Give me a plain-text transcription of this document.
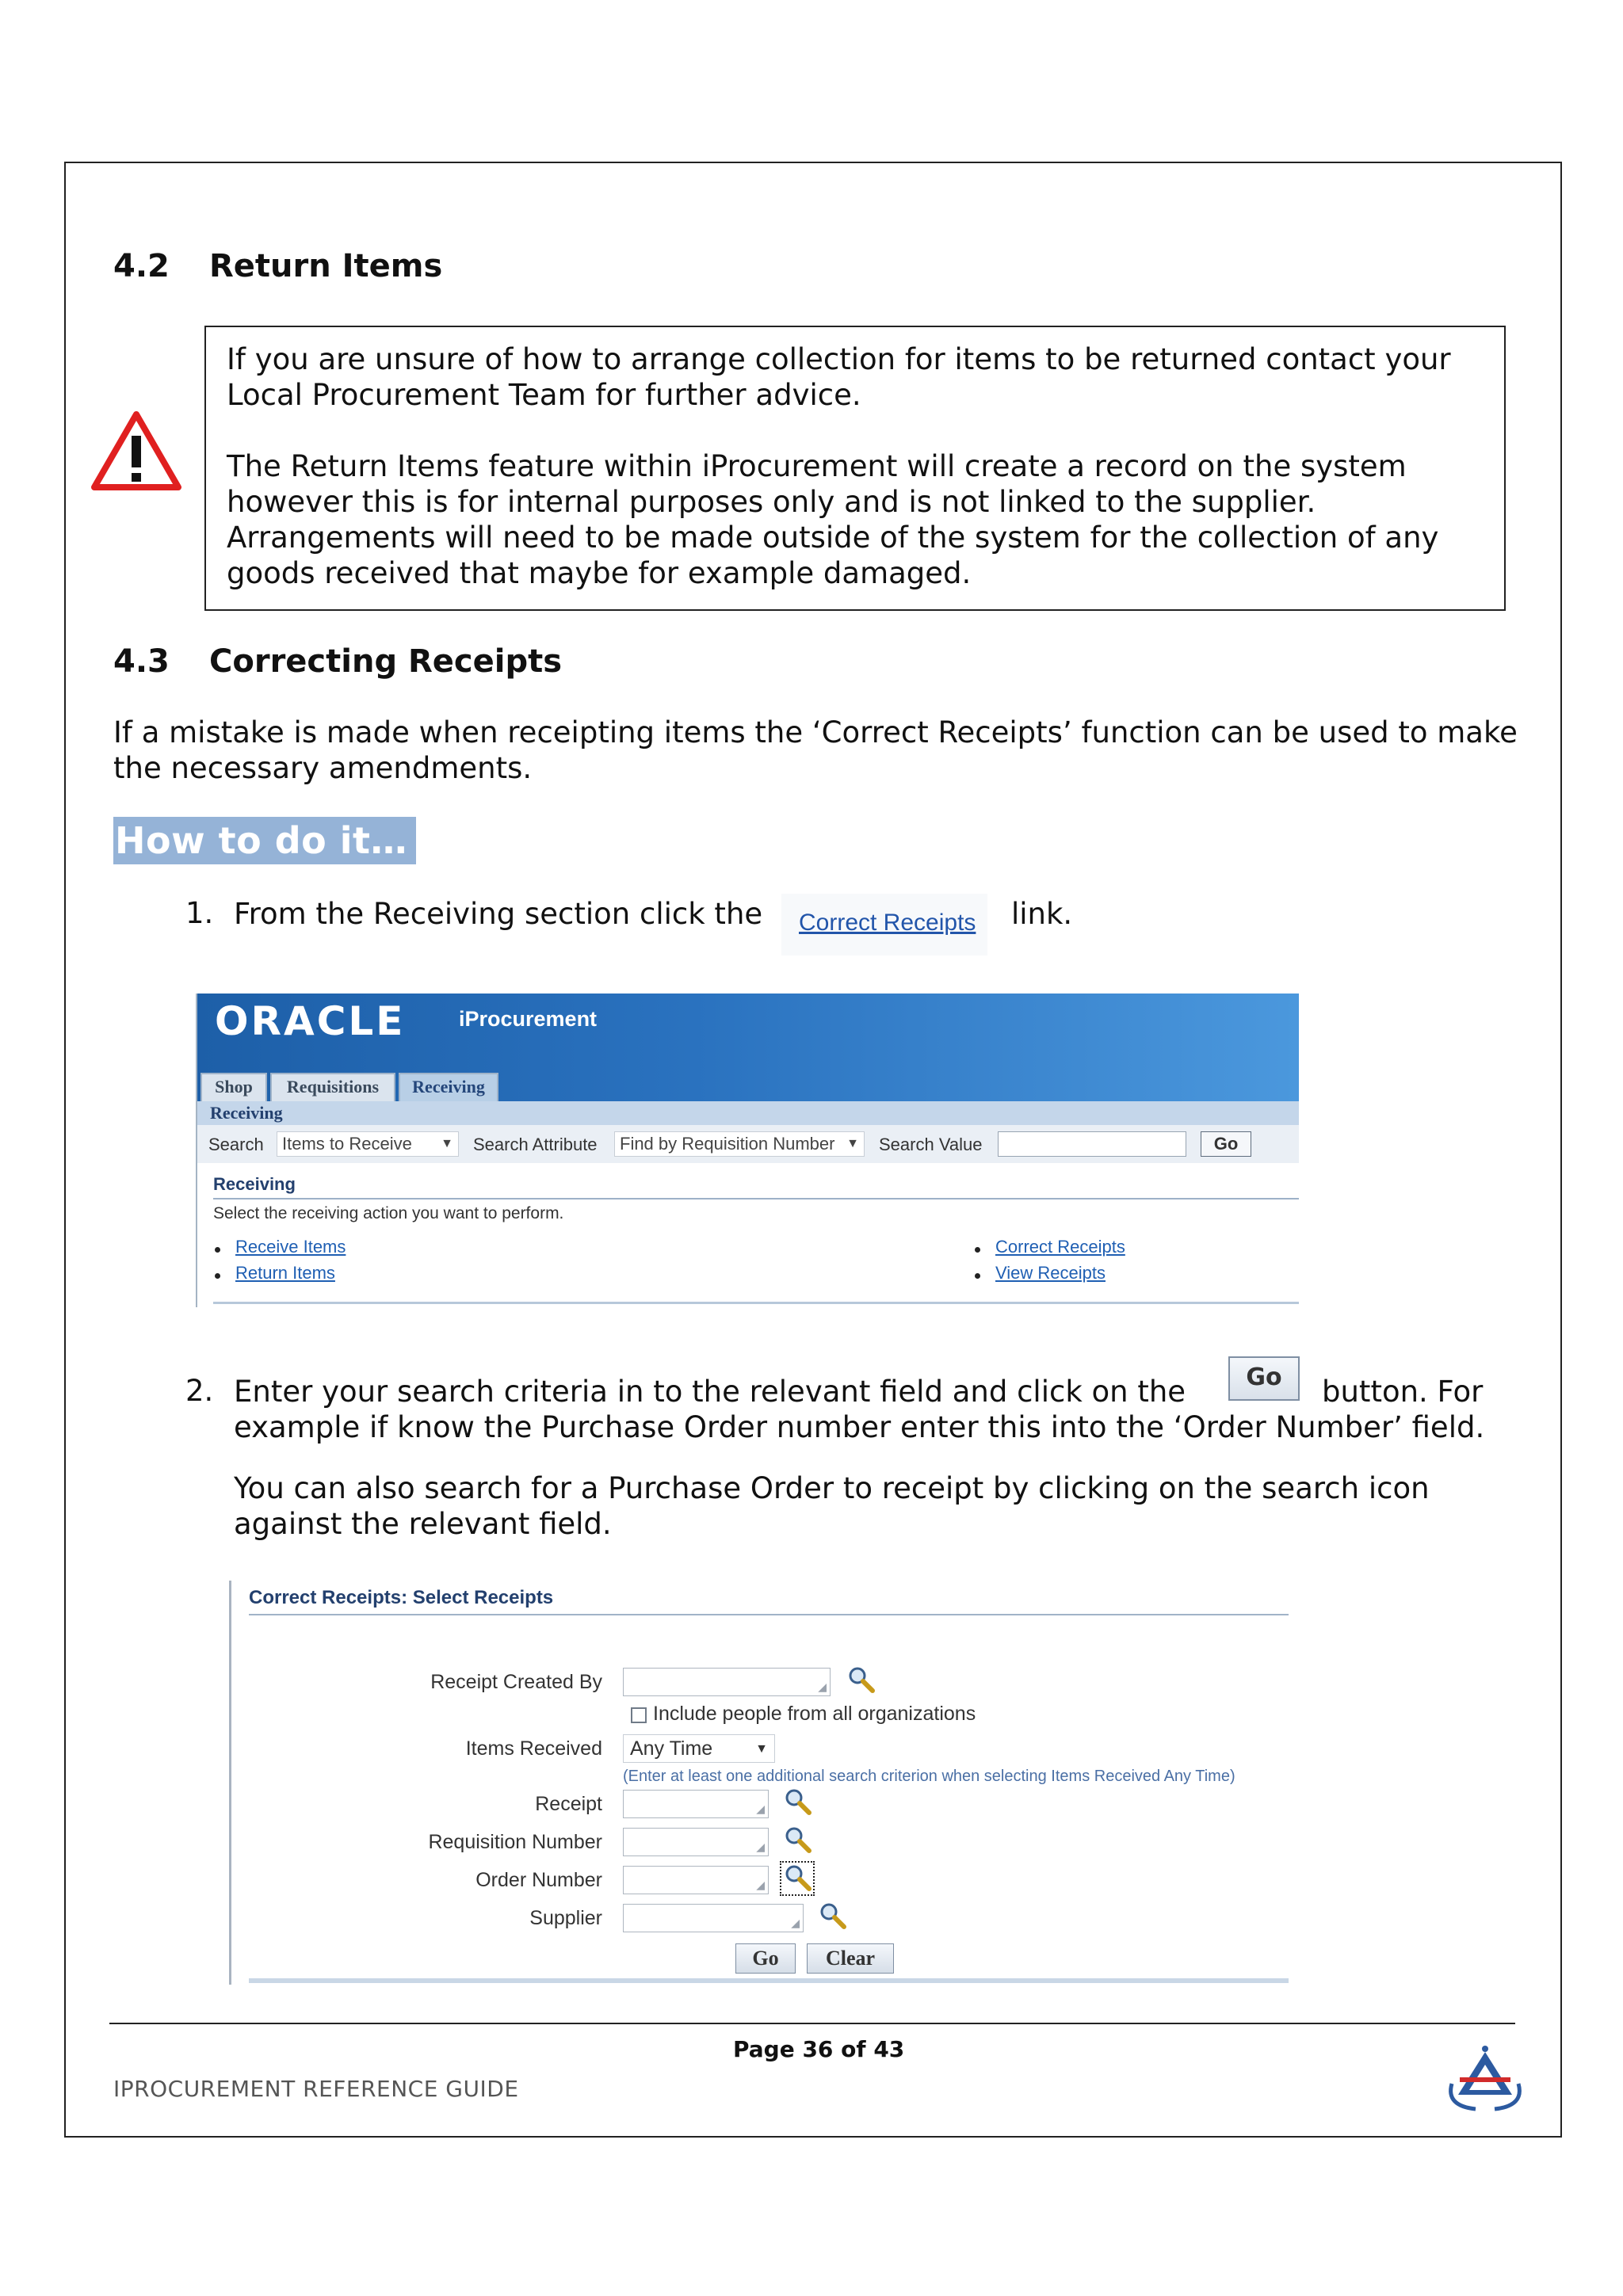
4.2 Return Items

If you are unsure of how to arrange collection for items to be returned contact your Local Procurement Team for further advice.

The Return Items feature within iProcurement will create a record on the system however this is for internal purposes only and is not linked to the supplier. Arrangements will need to be made outside of the system for the collection of any goods received that maybe for example damaged.

4.3 Correcting Receipts
If a mistake is made when receipting items the ‘Correct Receipts’ function can be used to make the necessary amendments.
How to do it…
1. From the Receiving section click the Correct Receipts link.
ORACLE	iProcurement
Shop	Requisitions	Receiving
Receiving
Search	Items to Receive ▼ Search Attribute	Find by Requisition Number ▼ Search Value	Go
Receiving
Select the receiving action you want to perform.
Receive Items
Return Items
Correct Receipts
View Receipts
2. Enter your search criteria in to the relevant field and click on the	Go	button. For
example if know the Purchase Order number enter this into the ‘Order Number’ field.
You can also search for a Purchase Order to receipt by clicking on the search icon against the relevant field.
Correct Receipts: Select Receipts
Receipt Created By	◢
Include people from all organizations
Items Received	Any Time	▼
(Enter at least one additional search criterion when selecting Items Received Any Time)
Receipt	◢
Requisition Number	◢
Order Number	◢
Supplier	◢
Go	Clear
Page 36 of 43
IPROCUREMENT REFERENCE GUIDE
